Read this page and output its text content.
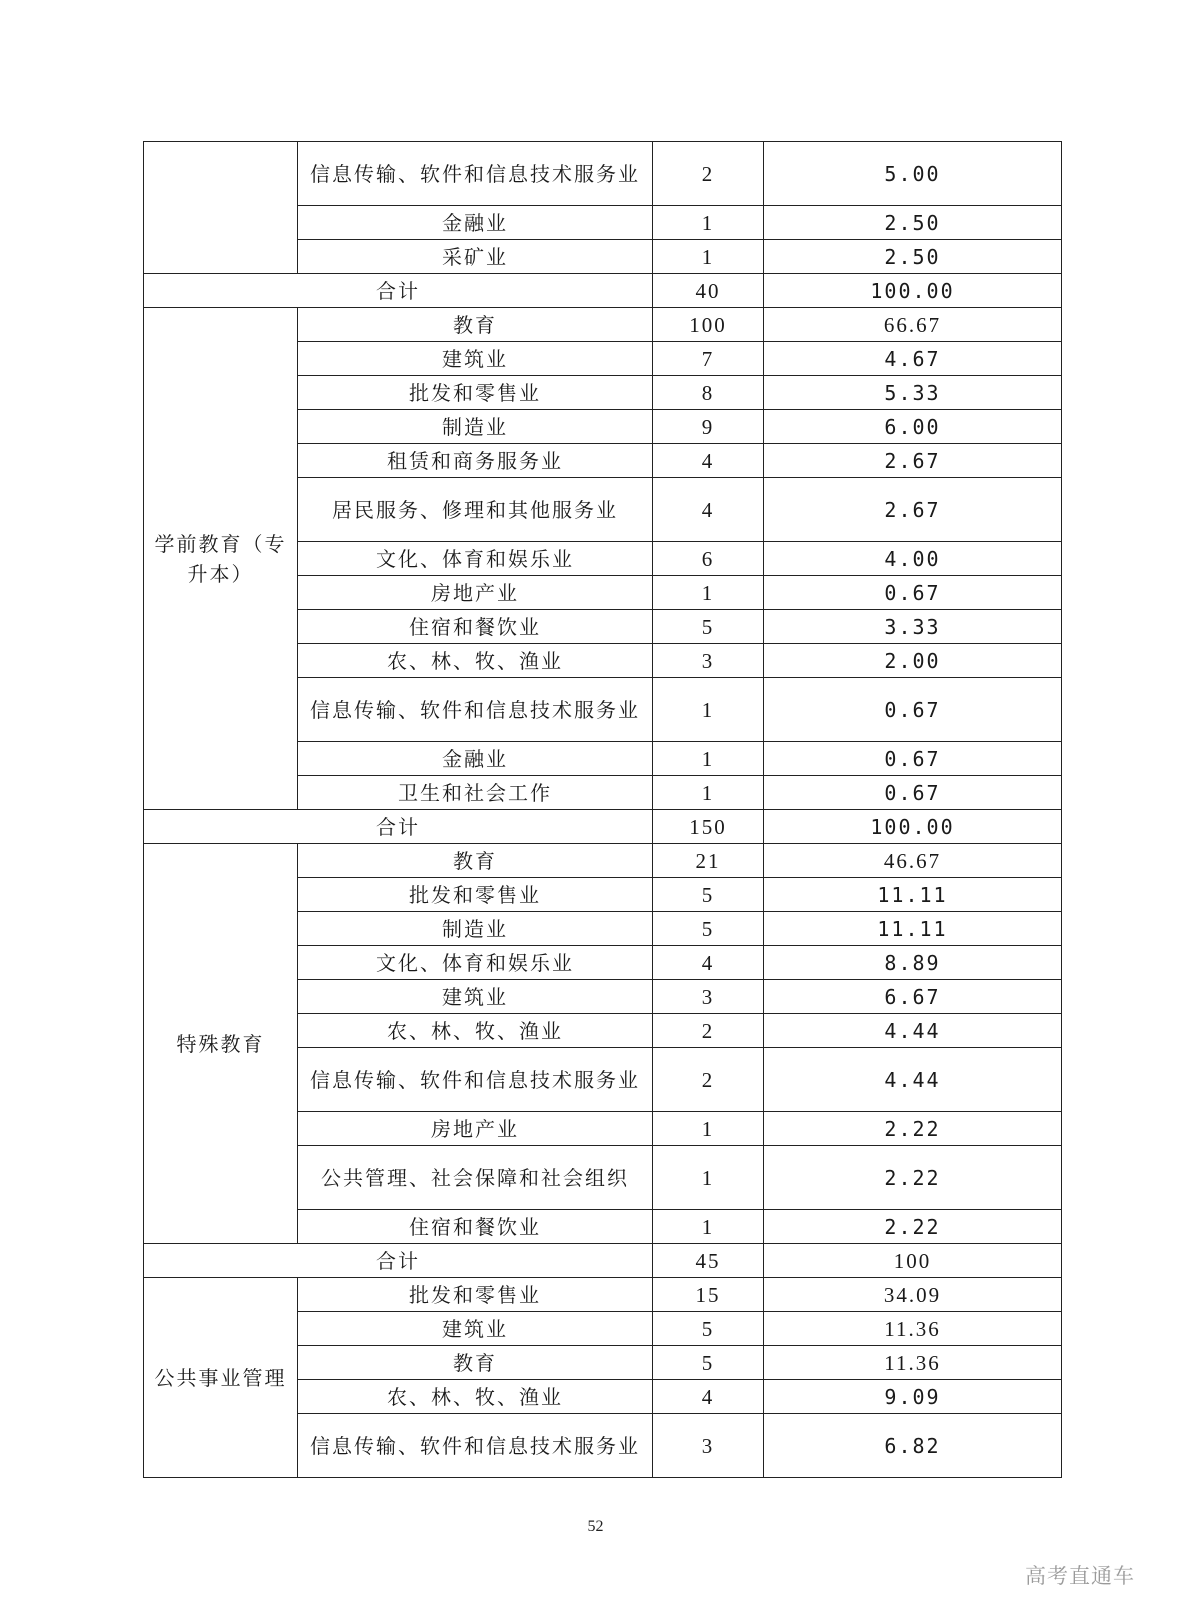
	信息传输、软件和信息技术服务业	2	5.00
	金融业	1	2.50
	采矿业	1	2.50
合计		40	100.00
学前教育（专升本）	教育	100	66.67
	建筑业	7	4.67
	批发和零售业	8	5.33
	制造业	9	6.00
	租赁和商务服务业	4	2.67
	居民服务、修理和其他服务业	4	2.67
	文化、体育和娱乐业	6	4.00
	房地产业	1	0.67
	住宿和餐饮业	5	3.33
	农、林、牧、渔业	3	2.00
	信息传输、软件和信息技术服务业	1	0.67
	金融业	1	0.67
	卫生和社会工作	1	0.67
合计		150	100.00
特殊教育	教育	21	46.67
	批发和零售业	5	11.11
	制造业	5	11.11
	文化、体育和娱乐业	4	8.89
	建筑业	3	6.67
	农、林、牧、渔业	2	4.44
	信息传输、软件和信息技术服务业	2	4.44
	房地产业	1	2.22
	公共管理、社会保障和社会组织	1	2.22
	住宿和餐饮业	1	2.22
合计		45	100
公共事业管理	批发和零售业	15	34.09
	建筑业	5	11.36
	教育	5	11.36
	农、林、牧、渔业	4	9.09
	信息传输、软件和信息技术服务业	3	6.82
52
高考直通车
